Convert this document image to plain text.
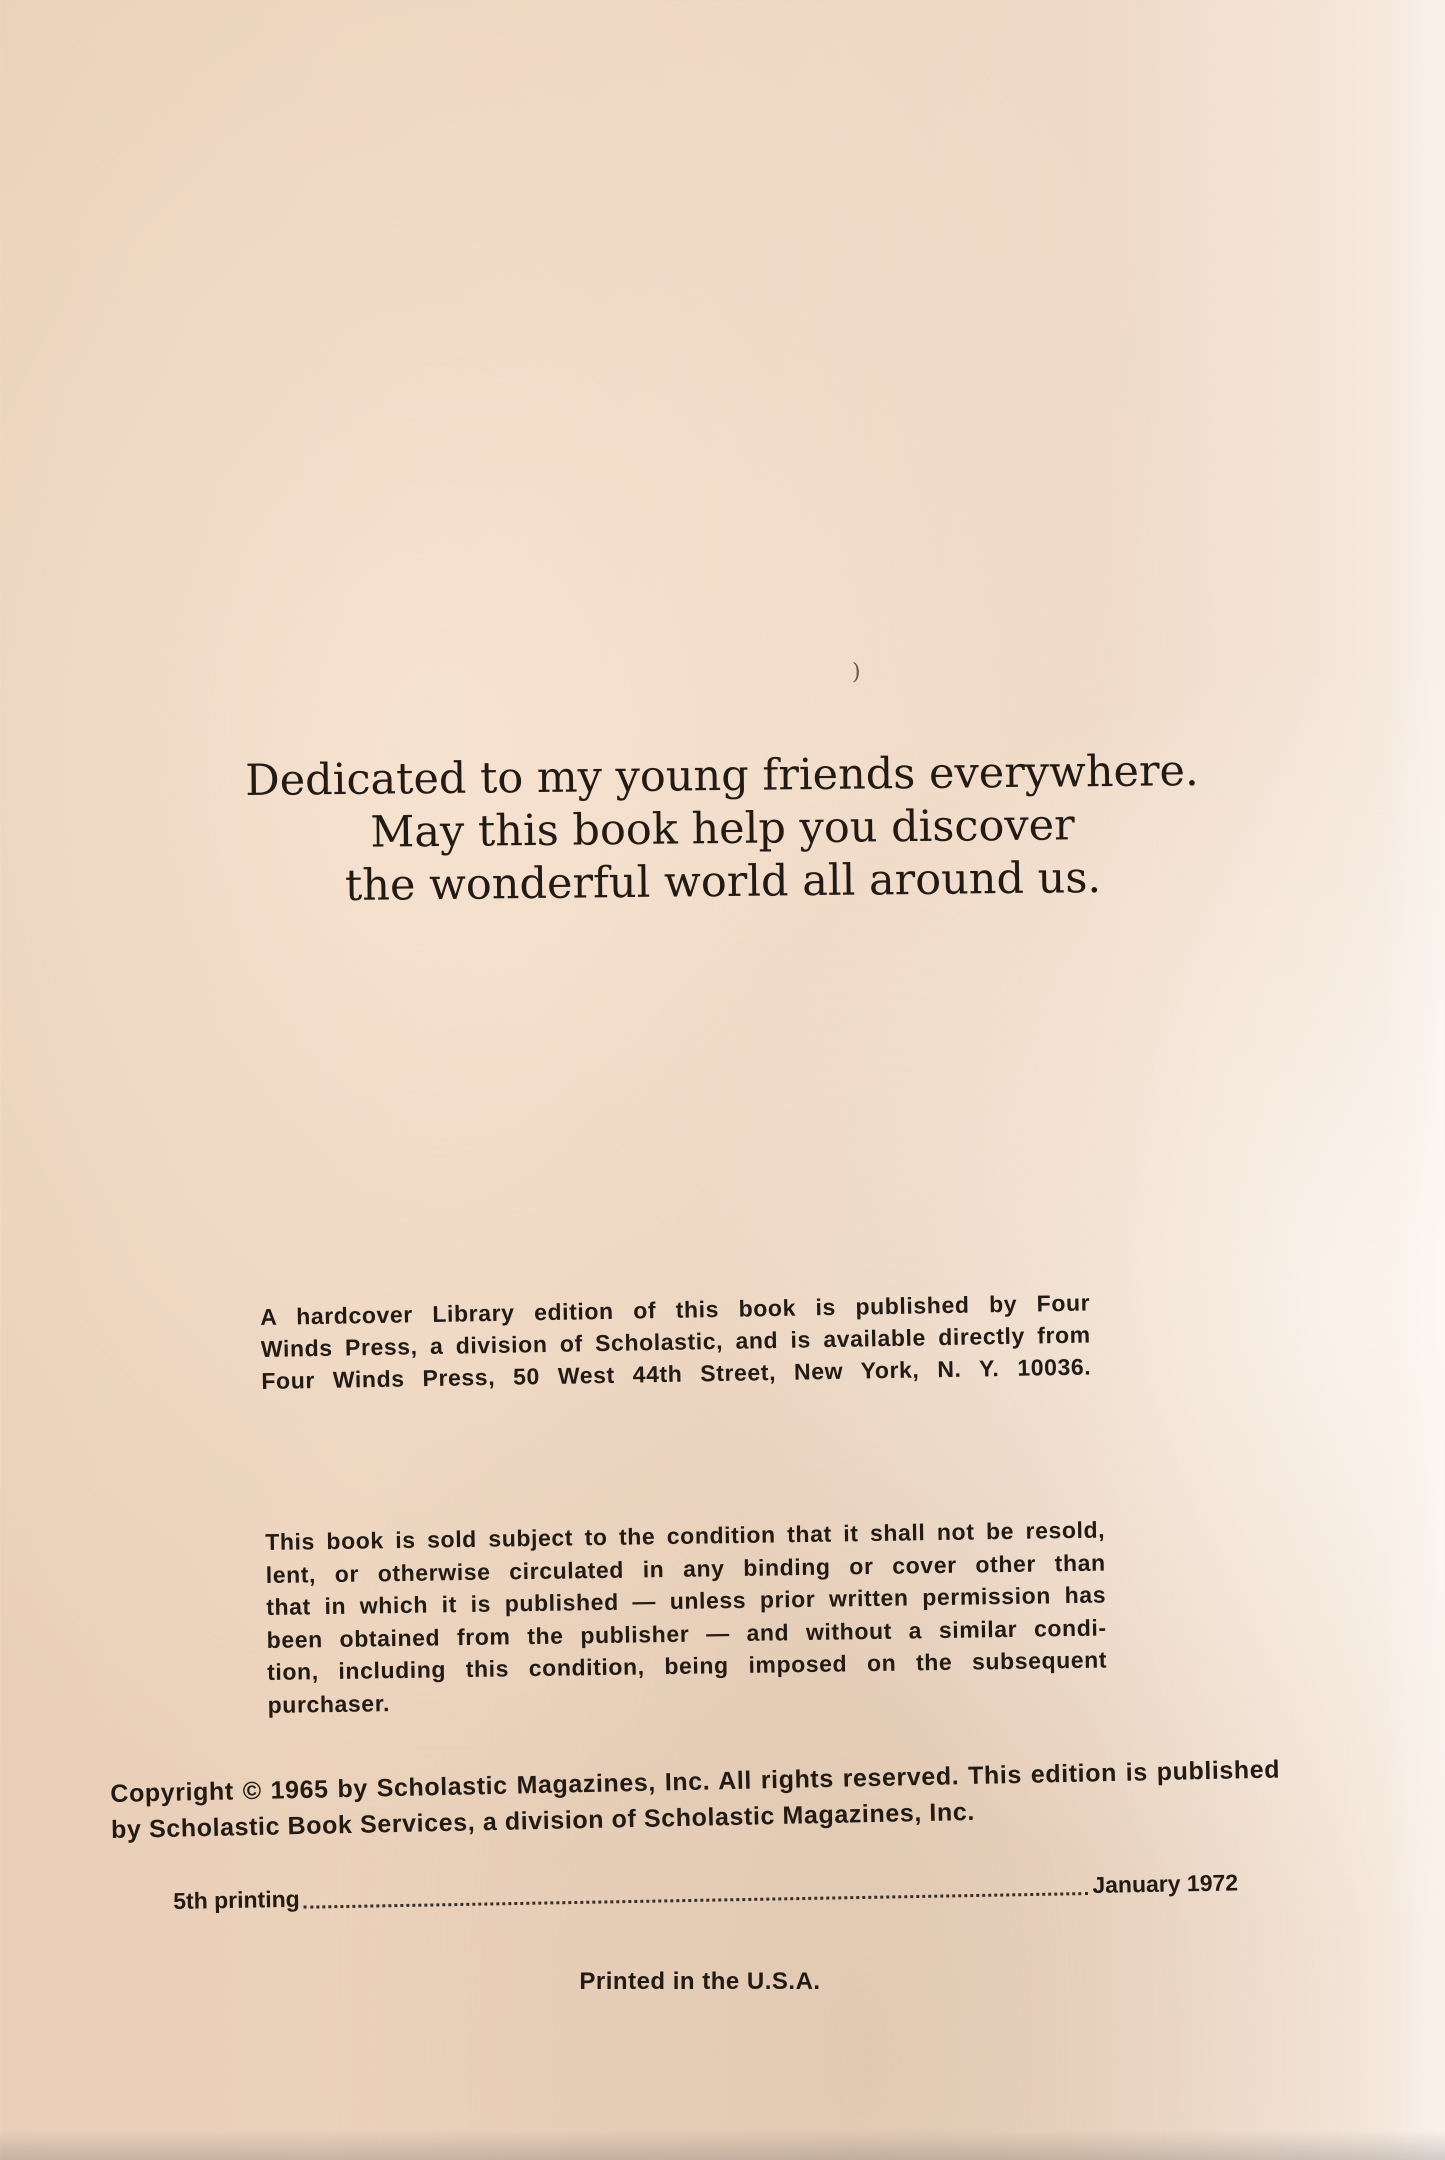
)
Dedicated to my young friends everywhere.
May this book help you discover
the wonderful world all around us.
A hardcover Library edition of this book is published by Four
Winds Press, a division of Scholastic, and is available directly from
Four Winds Press, 50 West 44th Street, New York, N. Y. 10036.
This book is sold subject to the condition that it shall not be resold,
lent, or otherwise circulated in any binding or cover other than
that in which it is published — unless prior written permission has
been obtained from the publisher — and without a similar condi-
tion, including this condition, being imposed on the subsequent
purchaser.
Copyright © 1965 by Scholastic Magazines, Inc. All rights reserved. This edition is published
by Scholastic Book Services, a division of Scholastic Magazines, Inc.
5th printing
January 1972
Printed in the U.S.A.
